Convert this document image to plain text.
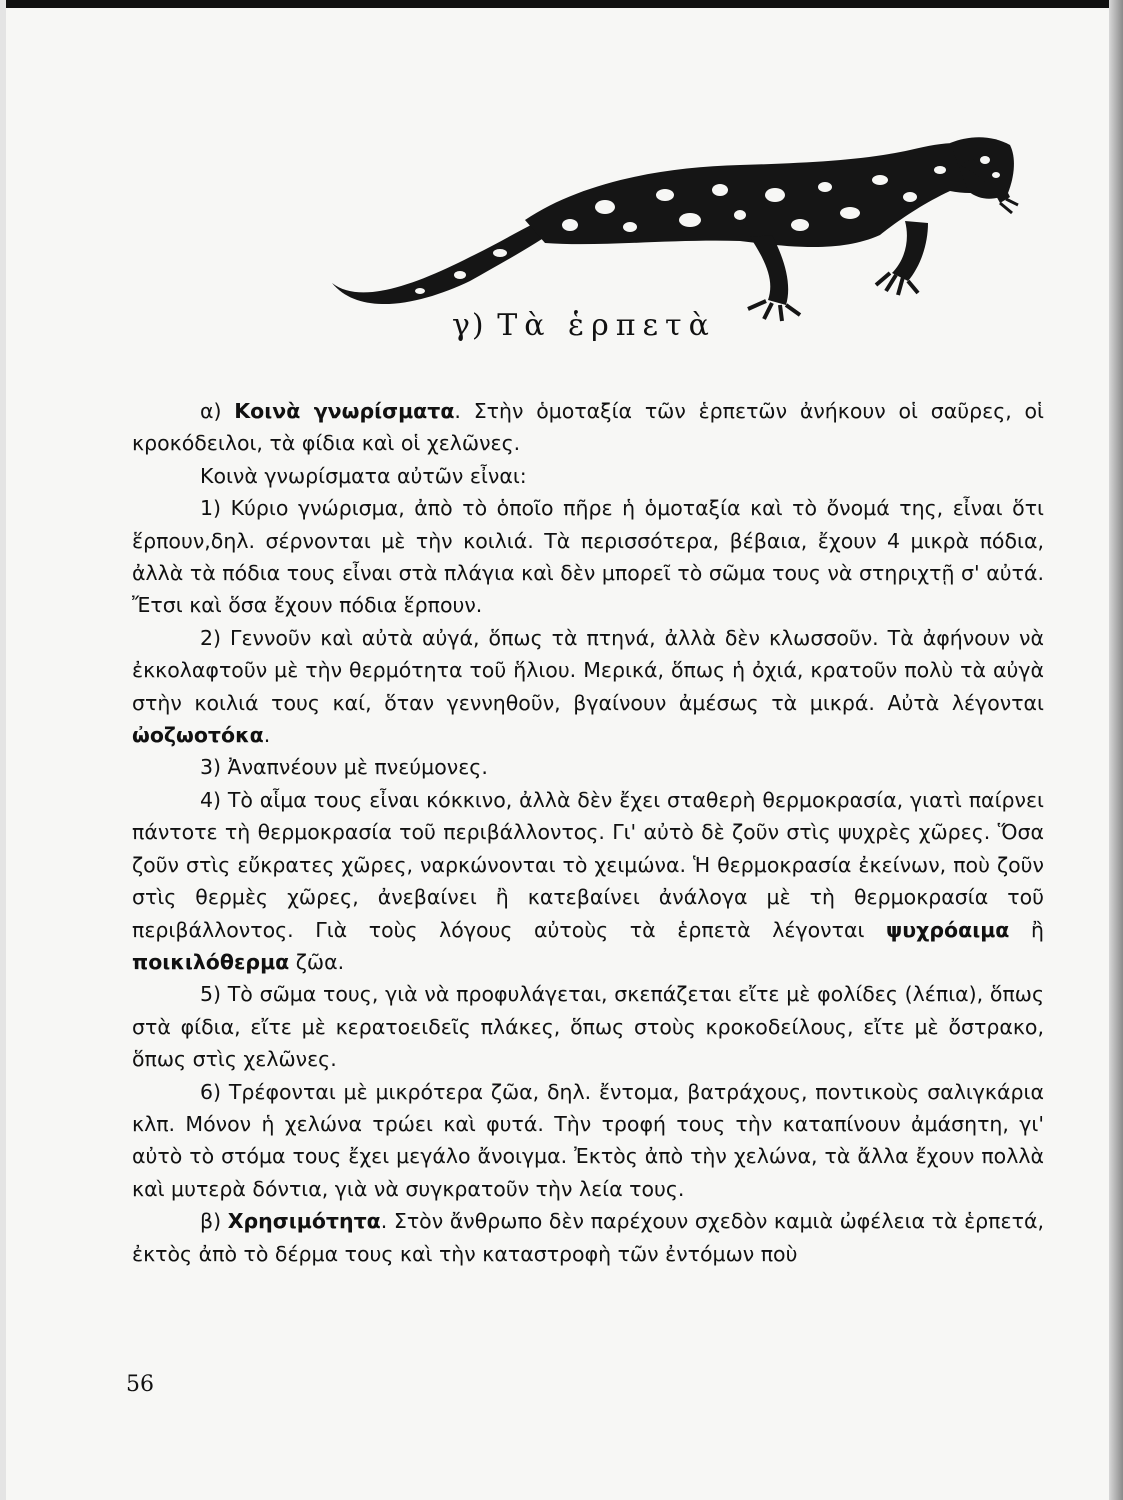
γ) Τὰ ἑρπετὰ

α) Κοινὰ γνωρίσματα. Στὴν ὁμοταξία τῶν ἑρπετῶν ἀνήκουν οἱ σαῦρες, οἱ κροκόδειλοι, τὰ φίδια καὶ οἱ χελῶνες.

Κοινὰ γνωρίσματα αὐτῶν εἶναι:

1) Κύριο γνώρισμα, ἀπὸ τὸ ὁποῖο πῆρε ἡ ὁμοταξία καὶ τὸ ὄνομά της, εἶναι ὅτι ἕρπουν,δηλ. σέρνονται μὲ τὴν κοιλιά. Τὰ περισσότερα, βέβαια, ἔχουν 4 μικρὰ πόδια, ἀλλὰ τὰ πόδια τους εἶναι στὰ πλάγια καὶ δὲν μπορεῖ τὸ σῶμα τους νὰ στηριχτῇ σ' αὐτά. Ἔτσι καὶ ὅσα ἔχουν πόδια ἕρπουν.

2) Γεννοῦν καὶ αὐτὰ αὐγά, ὅπως τὰ πτηνά, ἀλλὰ δὲν κλωσσοῦν. Τὰ ἀφήνουν νὰ ἐκκολαφτοῦν μὲ τὴν θερμότητα τοῦ ἥλιου. Μερικά, ὅπως ἡ ὀχιά, κρατοῦν πολὺ τὰ αὐγὰ στὴν κοιλιά τους καί, ὅταν γεννηθοῦν, βγαίνουν ἀμέσως τὰ μικρά. Αὐτὰ λέγονται ὠοζωοτόκα.

3) Ἀναπνέουν μὲ πνεύμονες.

4) Τὸ αἷμα τους εἶναι κόκκινο, ἀλλὰ δὲν ἔχει σταθερὴ θερμοκρασία, γιατὶ παίρνει πάντοτε τὴ θερμοκρασία τοῦ περιβάλλοντος. Γι' αὐτὸ δὲ ζοῦν στὶς ψυχρὲς χῶρες. Ὅσα ζοῦν στὶς εὔκρατες χῶρες, ναρκώνονται τὸ χειμώνα. Ἡ θερμοκρασία ἐκείνων, ποὺ ζοῦν στὶς θερμὲς χῶρες, ἀνεβαίνει ἢ κατεβαίνει ἀνάλογα μὲ τὴ θερμοκρασία τοῦ περιβάλλοντος. Γιὰ τοὺς λόγους αὐτοὺς τὰ ἑρπετὰ λέγονται ψυχρόαιμα ἢ ποικιλόθερμα ζῶα.

5) Τὸ σῶμα τους, γιὰ νὰ προφυλάγεται, σκεπάζεται εἴτε μὲ φολίδες (λέπια), ὅπως στὰ φίδια, εἴτε μὲ κερατοειδεῖς πλάκες, ὅπως στοὺς κροκοδείλους, εἴτε μὲ ὄστρακο, ὅπως στὶς χελῶνες.

6) Τρέφονται μὲ μικρότερα ζῶα, δηλ. ἔντομα, βατράχους, ποντικοὺς σαλιγκάρια κλπ. Μόνον ἡ χελώνα τρώει καὶ φυτά. Τὴν τροφή τους τὴν καταπίνουν ἀμάσητη, γι' αὐτὸ τὸ στόμα τους ἔχει μεγάλο ἄνοιγμα. Ἐκτὸς ἀπὸ τὴν χελώνα, τὰ ἄλλα ἔχουν πολλὰ καὶ μυτερὰ δόντια, γιὰ νὰ συγκρατοῦν τὴν λεία τους.

β) Χρησιμότητα. Στὸν ἄνθρωπο δὲν παρέχουν σχεδὸν καμιὰ ὠφέλεια τὰ ἑρπετά, ἐκτὸς ἀπὸ τὸ δέρμα τους καὶ τὴν καταστροφὴ τῶν ἐντόμων ποὺ

56
